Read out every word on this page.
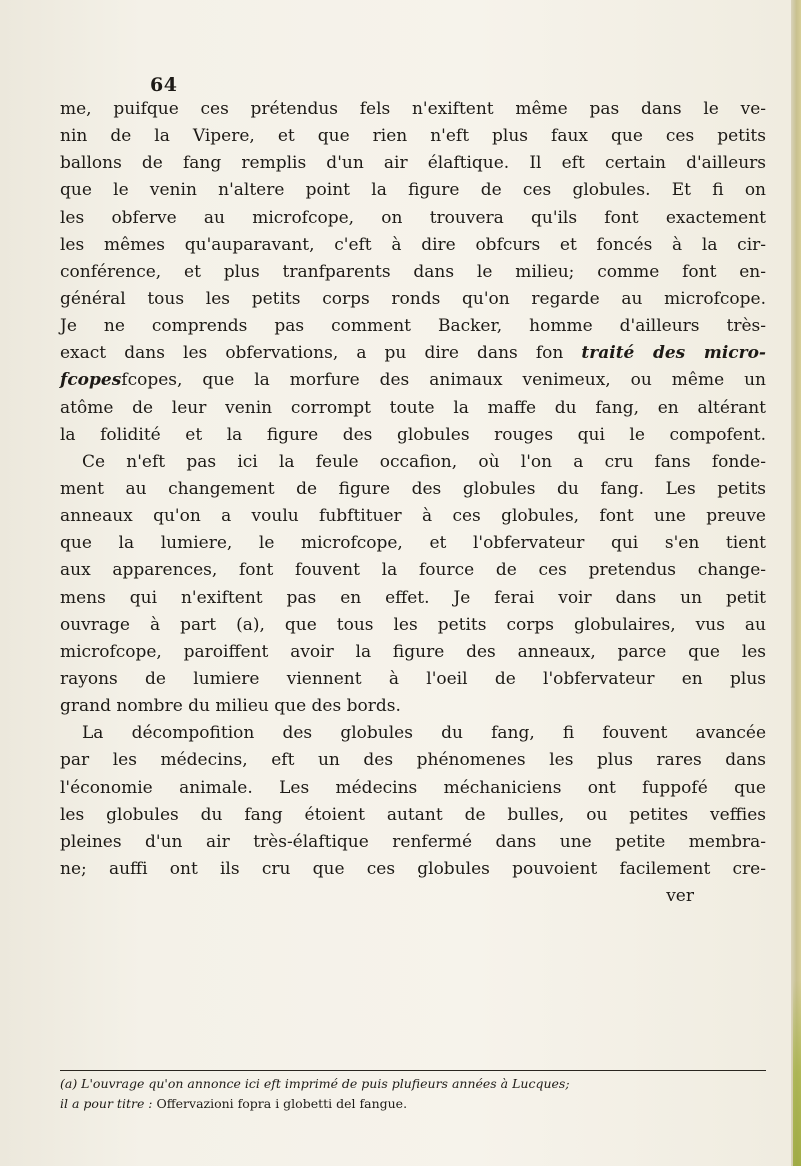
64
me, puifque ces prétendus fels n'exiftent même pas dans le ve-
nin de la Vipere, et que rien n'eft plus faux que ces petits
ballons de fang remplis d'un air élaftique. Il eft certain d'ailleurs
que le venin n'altere point la figure de ces globules. Et fi on
les obferve au microfcope, on trouvera qu'ils font exactement
les mêmes qu'auparavant, c'eft à dire obfcurs et foncés à la cir-
conférence, et plus tranfparents dans le milieu; comme font en-
général tous les petits corps ronds qu'on regarde au microfcope.
Je ne comprends pas comment Backer, homme d'ailleurs très-
exact dans les obfervations, a pu dire dans fon traité des micro-
fcopesfcopes, que la morfure des animaux venimeux, ou même un
atôme de leur venin corrompt toute la maffe du fang, en altérant
la folidité et la figure des globules rouges qui le compofent.
Ce n'eft pas ici la feule occafion, où l'on a cru fans fonde-
ment au changement de figure des globules du fang. Les petits
anneaux qu'on a voulu fubftituer à ces globules, font une preuve
que la lumiere, le microfcope, et l'obfervateur qui s'en tient
aux apparences, font fouvent la fource de ces pretendus change-
mens qui n'exiftent pas en effet. Je ferai voir dans un petit
ouvrage à part (a), que tous les petits corps globulaires, vus au
microfcope, paroiffent avoir la figure des anneaux, parce que les
rayons de lumiere viennent à l'oeil de l'obfervateur en plus
grand nombre du milieu que des bords.
La décompofition des globules du fang, fi fouvent avancée
par les médecins, eft un des phénomenes les plus rares dans
l'économie animale. Les médecins méchaniciens ont fuppofé que
les globules du fang étoient autant de bulles, ou petites veffies
pleines d'un air très-élaftique renfermé dans une petite membra-
ne; auffi ont ils cru que ces globules pouvoient facilement cre-
ver
(a) L'ouvrage qu'on annonce ici eft imprimé de puis plufieurs années à Lucques;
il a pour titre : Offervazioni fopra i globetti del fangue.
